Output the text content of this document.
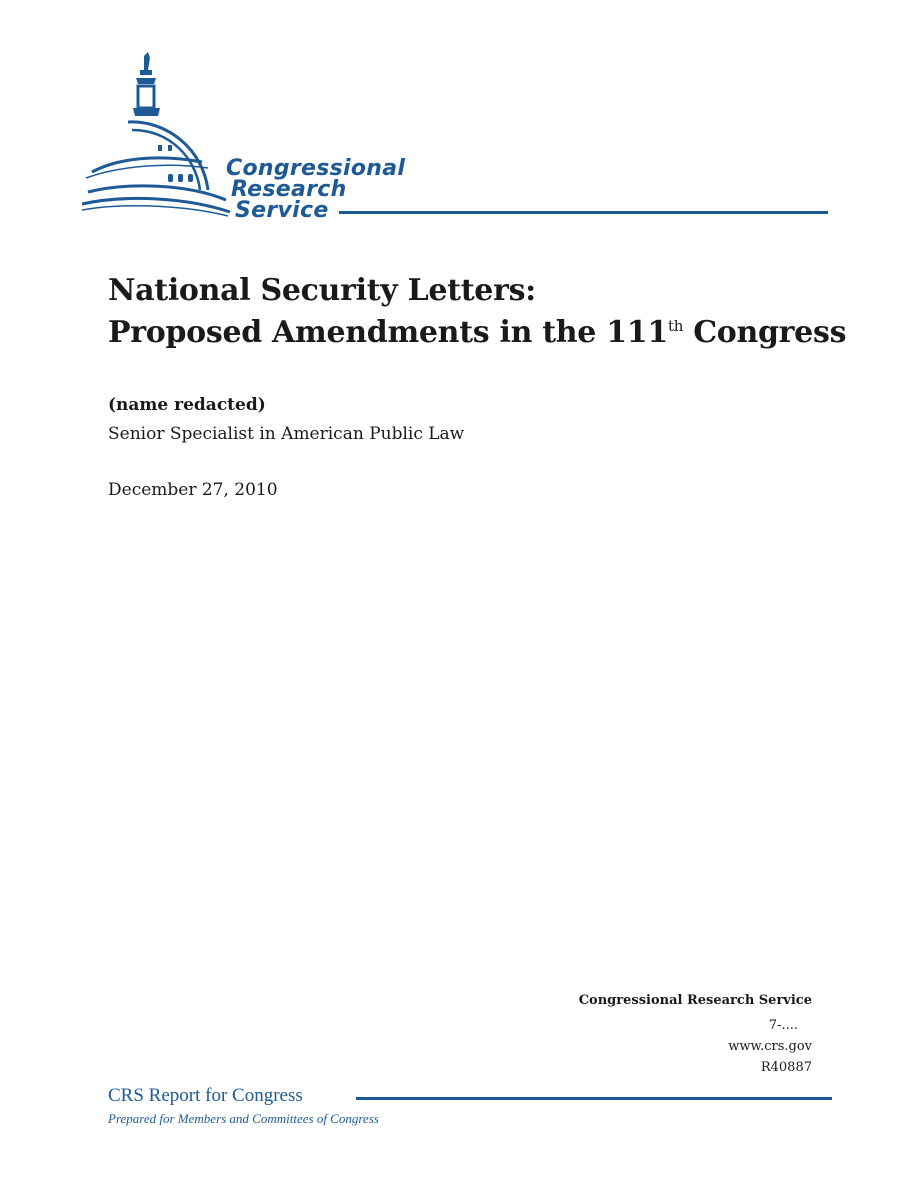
Congressional
Research
Service
National Security Letters:
Proposed Amendments in the 111th Congress
(name redacted)
Senior Specialist in American Public Law
December 27, 2010
Congressional Research Service
7-....
www.crs.gov
R40887
CRS Report for Congress
Prepared for Members and Committees of Congress
